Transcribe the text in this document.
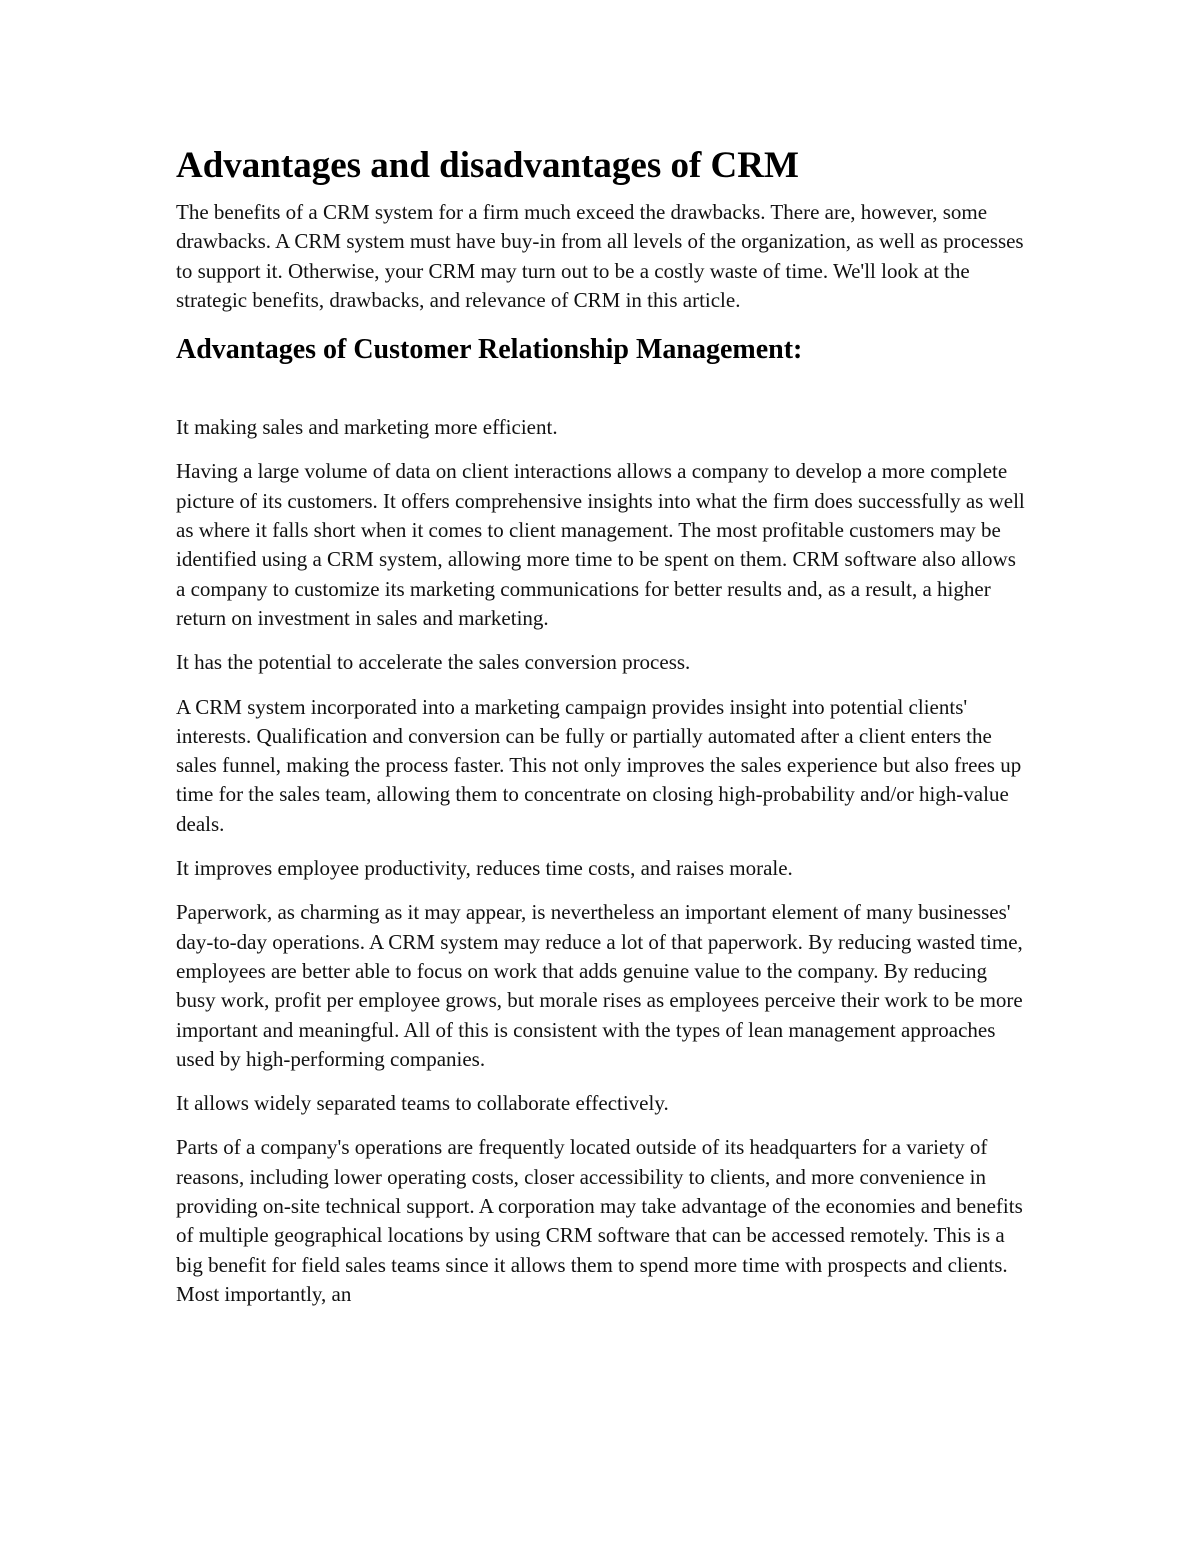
Advantages and disadvantages of CRM

The benefits of a CRM system for a firm much exceed the drawbacks. There are, however, some drawbacks. A CRM system must have buy-in from all levels of the organization, as well as processes to support it. Otherwise, your CRM may turn out to be a costly waste of time. We'll look at the strategic benefits, drawbacks, and relevance of CRM in this article.

Advantages of Customer Relationship Management:

It making sales and marketing more efficient.

Having a large volume of data on client interactions allows a company to develop a more complete picture of its customers. It offers comprehensive insights into what the firm does successfully as well as where it falls short when it comes to client management. The most profitable customers may be identified using a CRM system, allowing more time to be spent on them. CRM software also allows a company to customize its marketing communications for better results and, as a result, a higher return on investment in sales and marketing.

It has the potential to accelerate the sales conversion process.

A CRM system incorporated into a marketing campaign provides insight into potential clients' interests. Qualification and conversion can be fully or partially automated after a client enters the sales funnel, making the process faster. This not only improves the sales experience but also frees up time for the sales team, allowing them to concentrate on closing high-probability and/or high-value deals.

It improves employee productivity, reduces time costs, and raises morale.

Paperwork, as charming as it may appear, is nevertheless an important element of many businesses' day-to-day operations. A CRM system may reduce a lot of that paperwork. By reducing wasted time, employees are better able to focus on work that adds genuine value to the company. By reducing busy work, profit per employee grows, but morale rises as employees perceive their work to be more important and meaningful. All of this is consistent with the types of lean management approaches used by high-performing companies.

It allows widely separated teams to collaborate effectively.

Parts of a company's operations are frequently located outside of its headquarters for a variety of reasons, including lower operating costs, closer accessibility to clients, and more convenience in providing on-site technical support. A corporation may take advantage of the economies and benefits of multiple geographical locations by using CRM software that can be accessed remotely. This is a big benefit for field sales teams since it allows them to spend more time with prospects and clients. Most importantly, an
